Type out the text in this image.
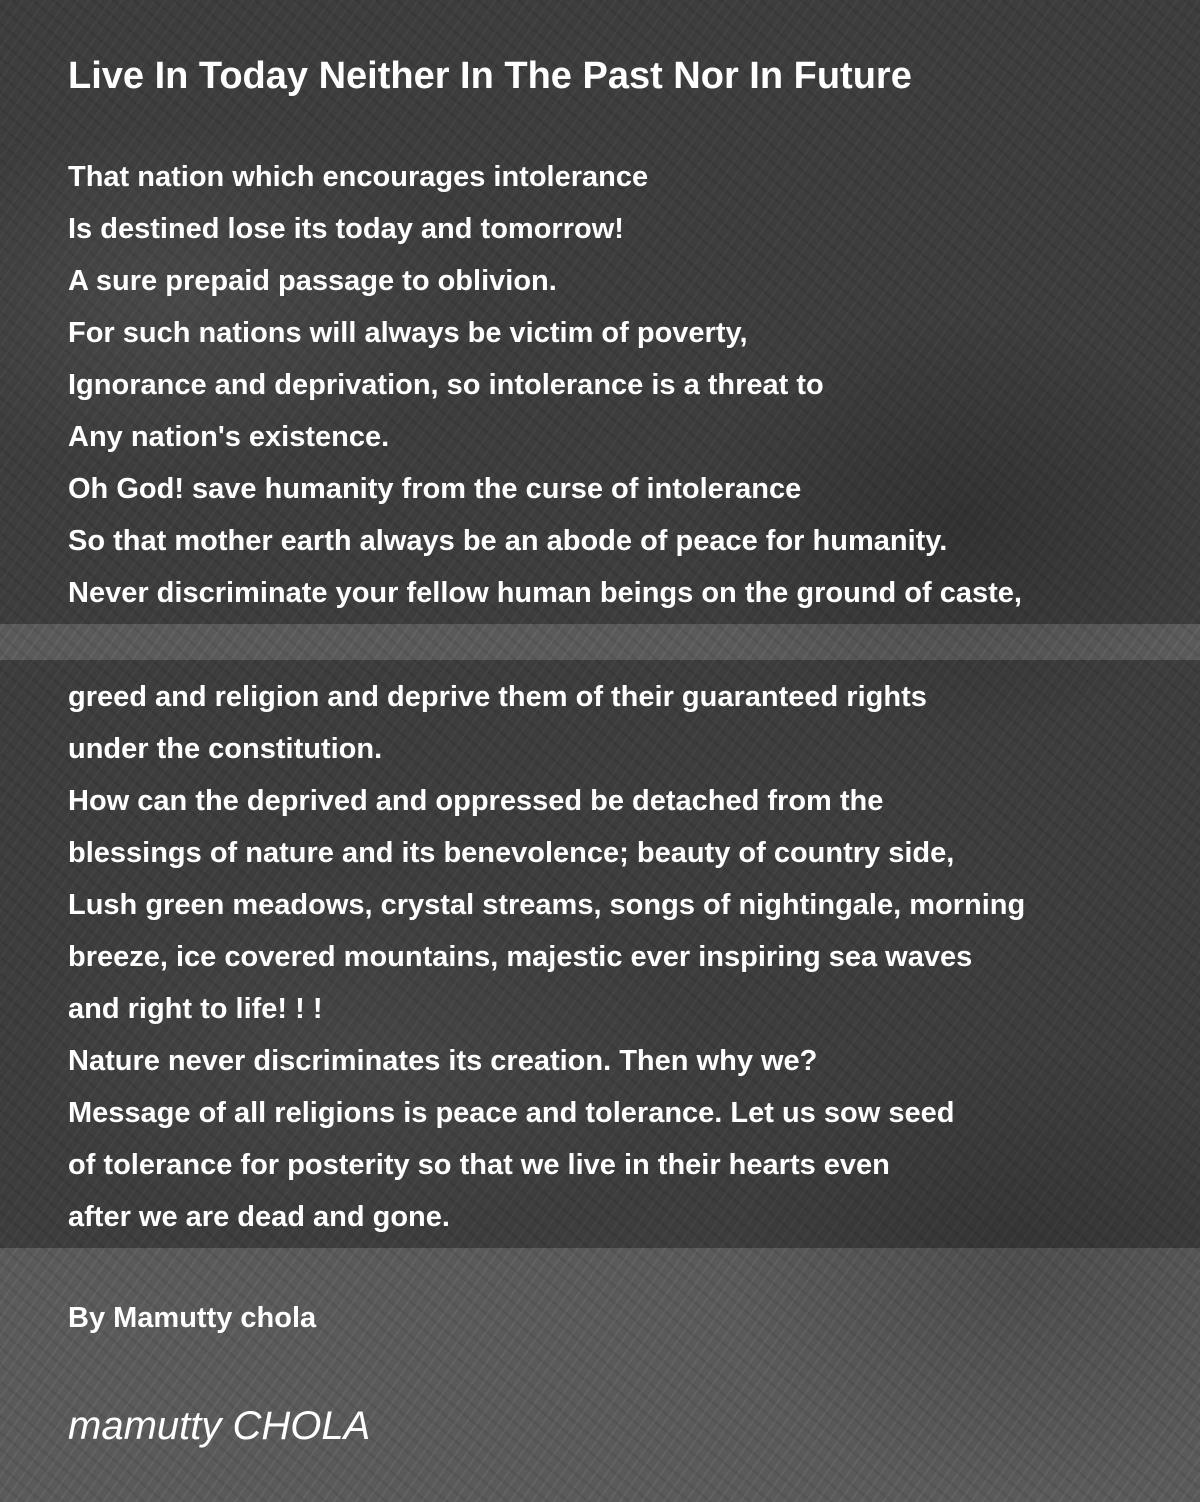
Live In Today Neither In The Past Nor In Future
That nation which encourages intolerance
Is destined lose its today and tomorrow!
A sure prepaid passage to oblivion.
For such nations will always be victim of poverty,
Ignorance and deprivation, so intolerance is a threat to
Any nation's existence.
Oh God! save humanity from the curse of intolerance
So that mother earth always be an abode of peace for humanity.
Never discriminate your fellow human beings on the ground of caste,
greed and religion and deprive them of their guaranteed rights
under the constitution.
How can the deprived and oppressed be detached from the
blessings of nature and its benevolence; beauty of country side,
Lush green meadows, crystal streams, songs of nightingale, morning
breeze, ice covered mountains, majestic ever inspiring sea waves
and right to life! ! !
Nature never discriminates its creation. Then why we?
Message of all religions is peace and tolerance. Let us sow seed
of tolerance for posterity so that we live in their hearts even
after we are dead and gone.

By Mamutty chola

mamutty CHOLA
